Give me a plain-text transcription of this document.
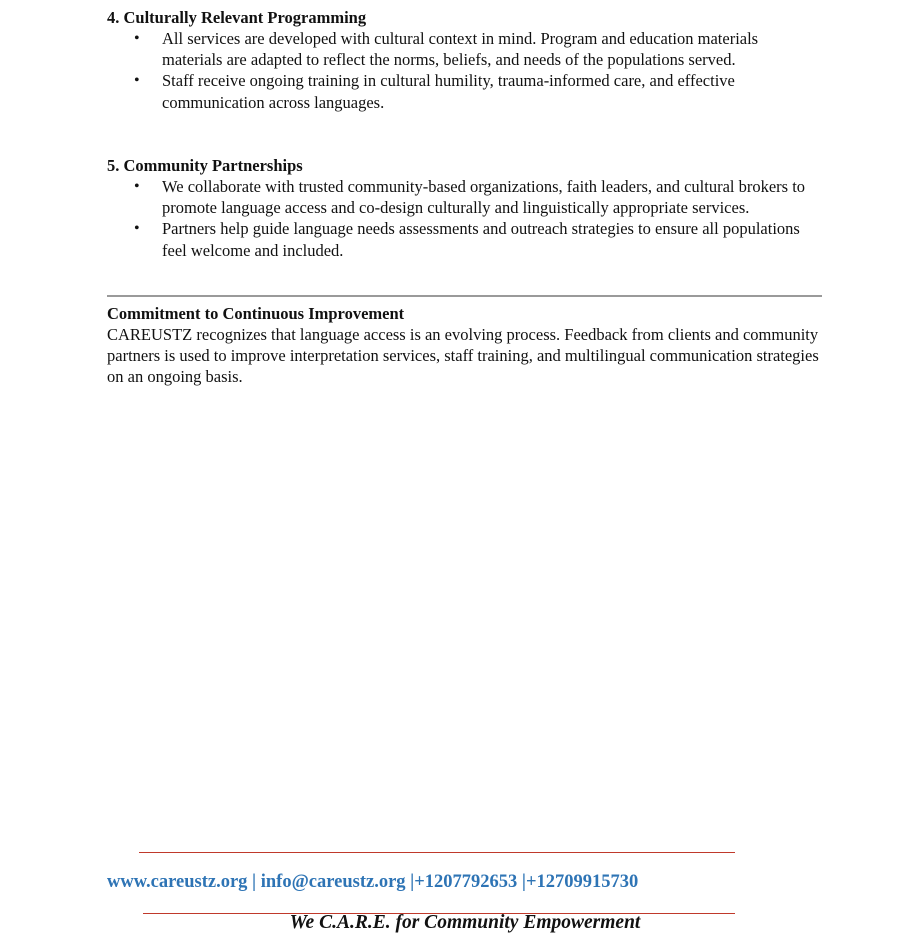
4. Culturally Relevant Programming
• All services are developed with cultural context in mind. Program and education materials materials are adapted to reflect the norms, beliefs, and needs of the populations served.
• Staff receive ongoing training in cultural humility, trauma-informed care, and effective communication across languages.
5. Community Partnerships
• We collaborate with trusted community-based organizations, faith leaders, and cultural brokers to promote language access and co-design culturally and linguistically appropriate services.
• Partners help guide language needs assessments and outreach strategies to ensure all populations feel welcome and included.
Commitment to Continuous Improvement

CAREUSTZ recognizes that language access is an evolving process. Feedback from clients and community partners is used to improve interpretation services, staff training, and multilingual communication strategies on an ongoing basis.

www.careustz.org | info@careustz.org |+1207792653 |+12709915730
We C.A.R.E. for Community Empowerment
